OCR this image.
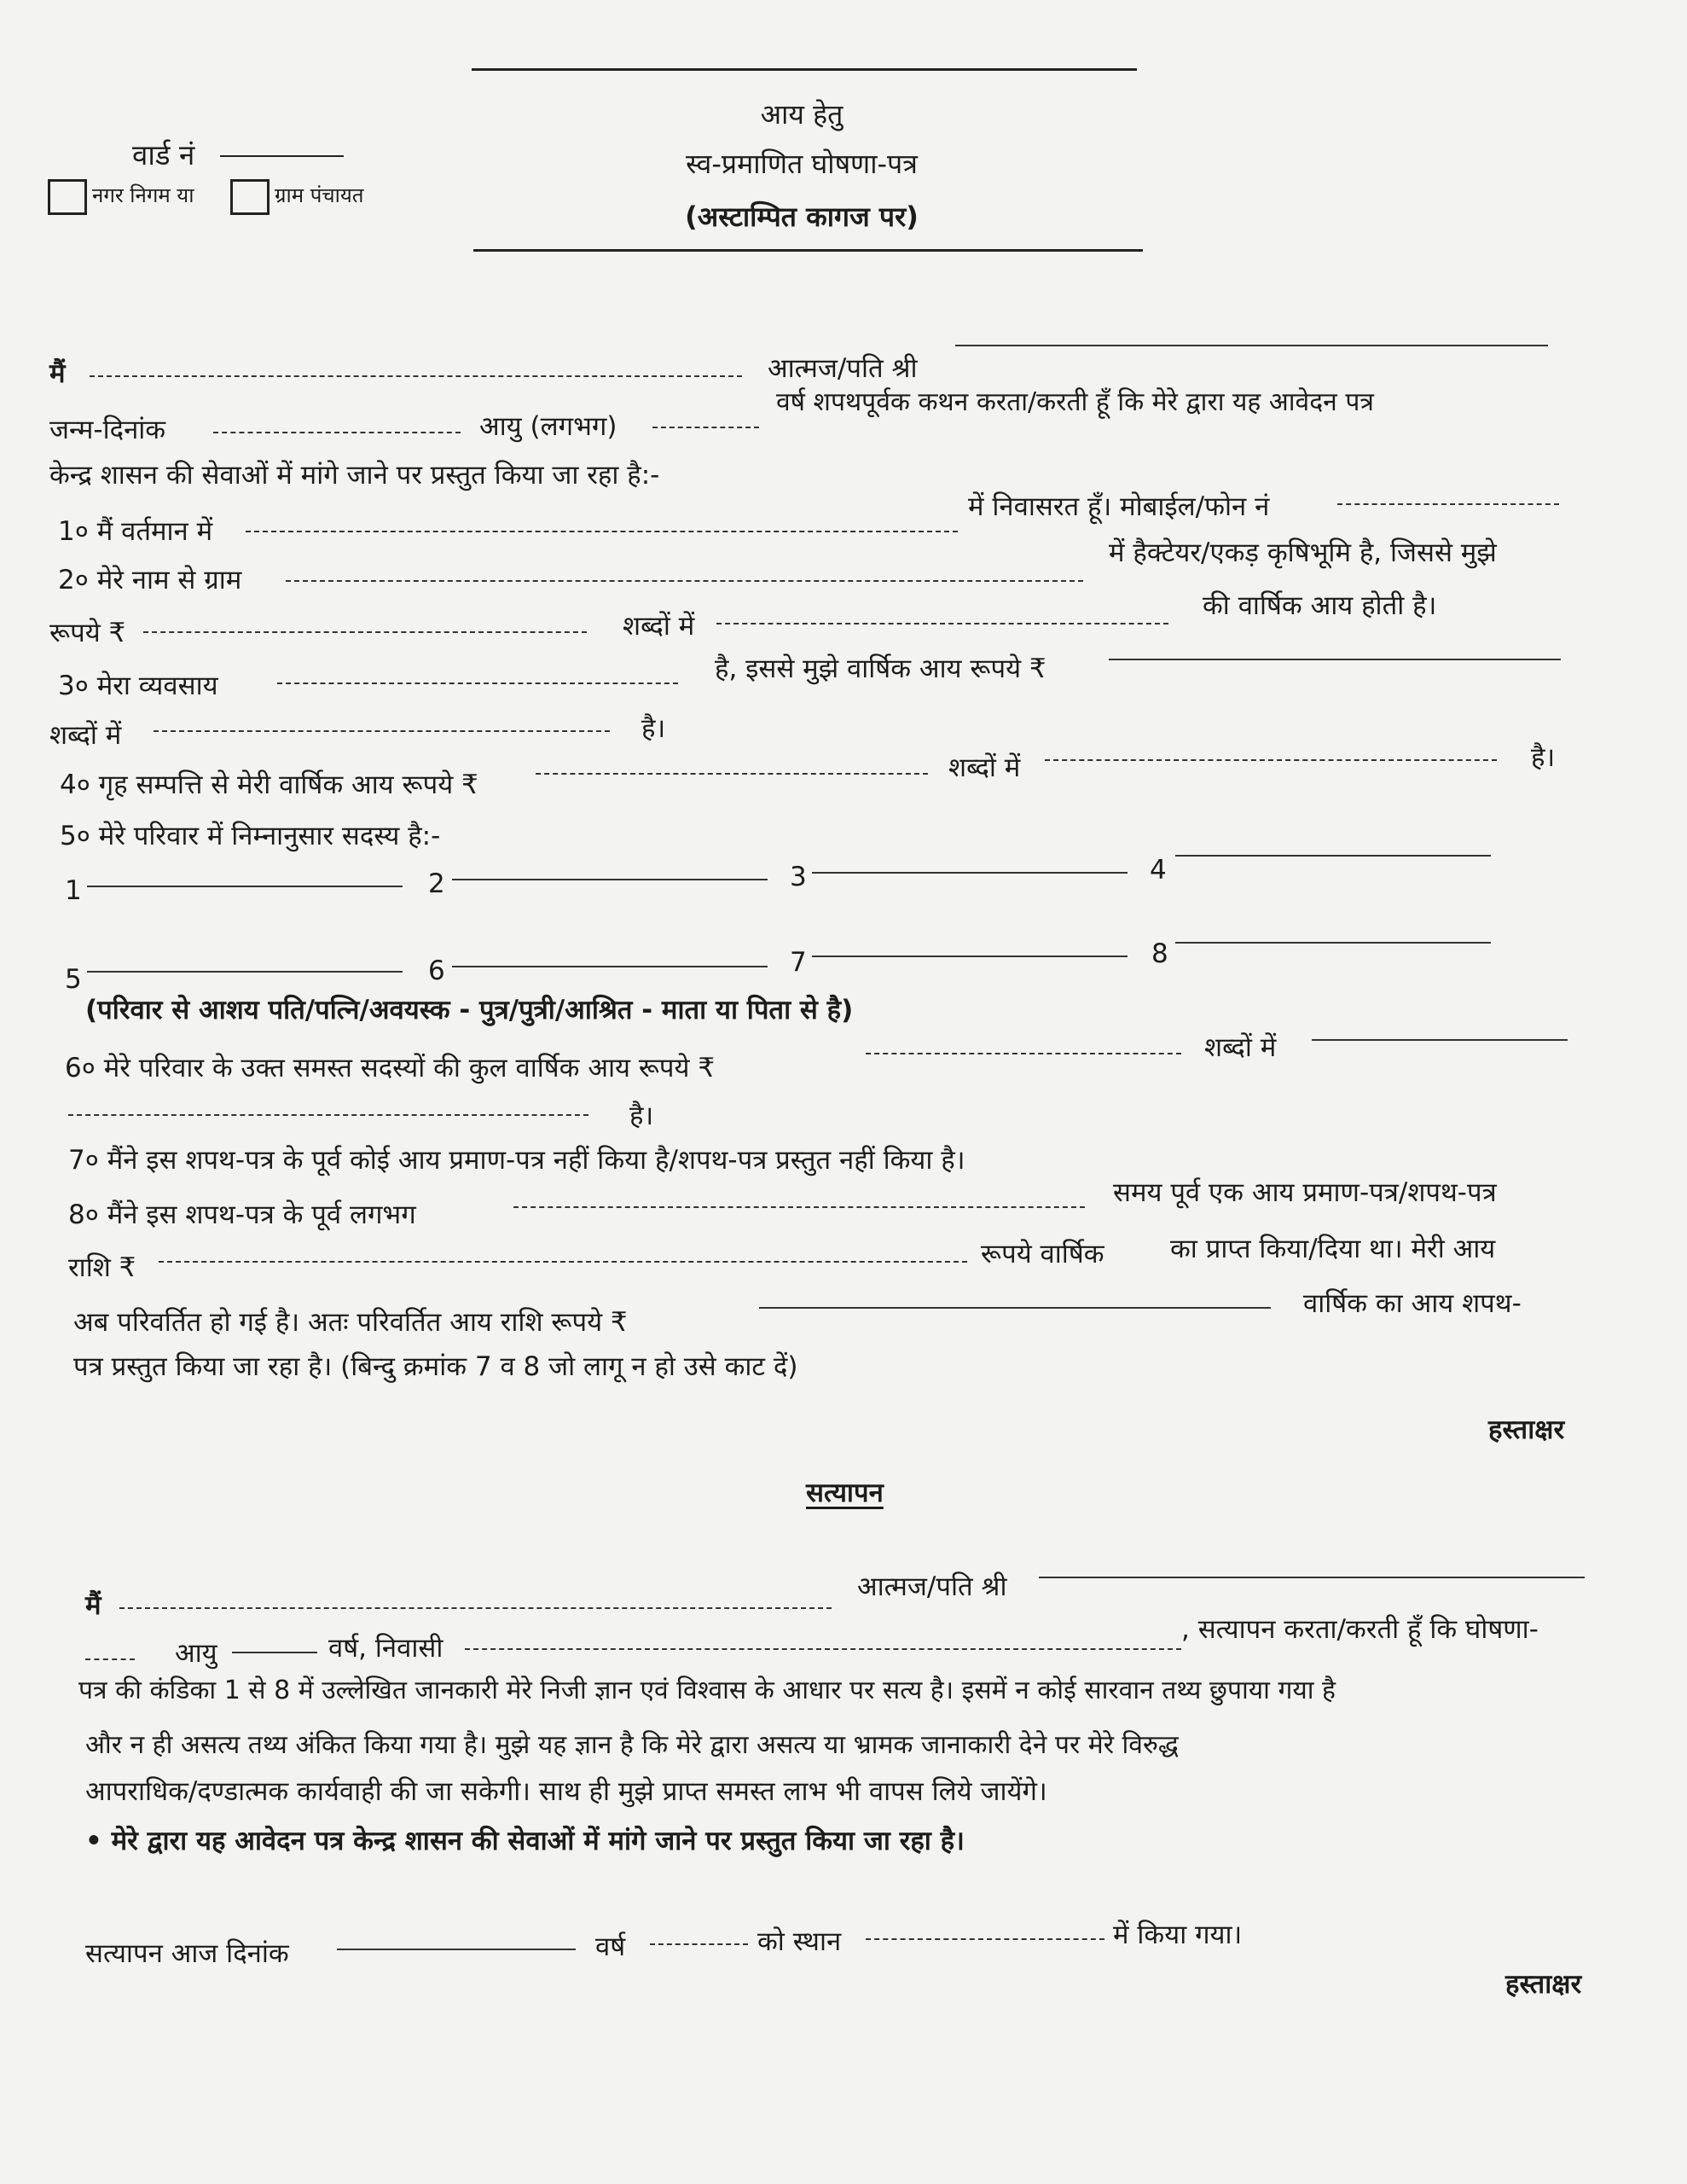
वार्ड नं
नगर निगम या	ग्राम पंचायत
आय हेतु
स्व-प्रमाणित घोषणा-पत्र
(अस्टाम्पित कागज पर)
मैं	आत्मज/पति श्री
जन्म-दिनांक	आयु (लगभग)
वर्ष शपथपूर्वक कथन करता/करती हूँ कि मेरे द्वारा यह आवेदन पत्र
केन्द्र शासन की सेवाओं में मांगे जाने पर प्रस्तुत किया जा रहा है:-
1० मैं वर्तमान में
में निवासरत हूँ। मोबाईल/फोन नं
2० मेरे नाम से ग्राम
में हैक्टेयर/एकड़ कृषिभूमि है, जिससे मुझे
रूपये ₹	शब्दों में
की वार्षिक आय होती है।
3० मेरा व्यवसाय
है, इससे मुझे वार्षिक आय रूपये ₹
शब्दों में	है।
4० गृह सम्पत्ति से मेरी वार्षिक आय रूपये ₹
शब्दों में	है।
5० मेरे परिवार में निम्नानुसार सदस्य है:-
1	2	3	4
5	6	7	8
(परिवार से आशय पति/पत्नि/अवयस्क - पुत्र/पुत्री/आश्रित - माता या पिता से है)
6० मेरे परिवार के उक्त समस्त सदस्यों की कुल वार्षिक आय रूपये ₹
शब्दों में
है।
7० मैंने इस शपथ-पत्र के पूर्व कोई आय प्रमाण-पत्र नहीं किया है/शपथ-पत्र प्रस्तुत नहीं किया है।
8० मैंने इस शपथ-पत्र के पूर्व लगभग
समय पूर्व एक आय प्रमाण-पत्र/शपथ-पत्र
राशि ₹	रूपये वार्षिक का प्राप्त किया/दिया था। मेरी आय
अब परिवर्तित हो गई है। अतः परिवर्तित आय राशि रूपये ₹
वार्षिक का आय शपथ-
पत्र प्रस्तुत किया जा रहा है। (बिन्दु क्रमांक 7 व 8 जो लागू न हो उसे काट दें)
हस्ताक्षर
सत्यापन
मैं
आत्मज/पति श्री
आयु	वर्ष, निवासी
, सत्यापन करता/करती हूँ कि घोषणा-
पत्र की कंडिका 1 से 8 में उल्लेखित जानकारी मेरे निजी ज्ञान एवं विश्वास के आधार पर सत्य है। इसमें न कोई सारवान तथ्य छुपाया गया है
और न ही असत्य तथ्य अंकित किया गया है। मुझे यह ज्ञान है कि मेरे द्वारा असत्य या भ्रामक जानाकारी देने पर मेरे विरुद्ध
आपराधिक/दण्डात्मक कार्यवाही की जा सकेगी। साथ ही मुझे प्राप्त समस्त लाभ भी वापस लिये जायेंगे।
• मेरे द्वारा यह आवेदन पत्र केन्द्र शासन की सेवाओं में मांगे जाने पर प्रस्तुत किया जा रहा है।
सत्यापन आज दिनांक	वर्ष	को स्थान	में किया गया।
हस्ताक्षर
